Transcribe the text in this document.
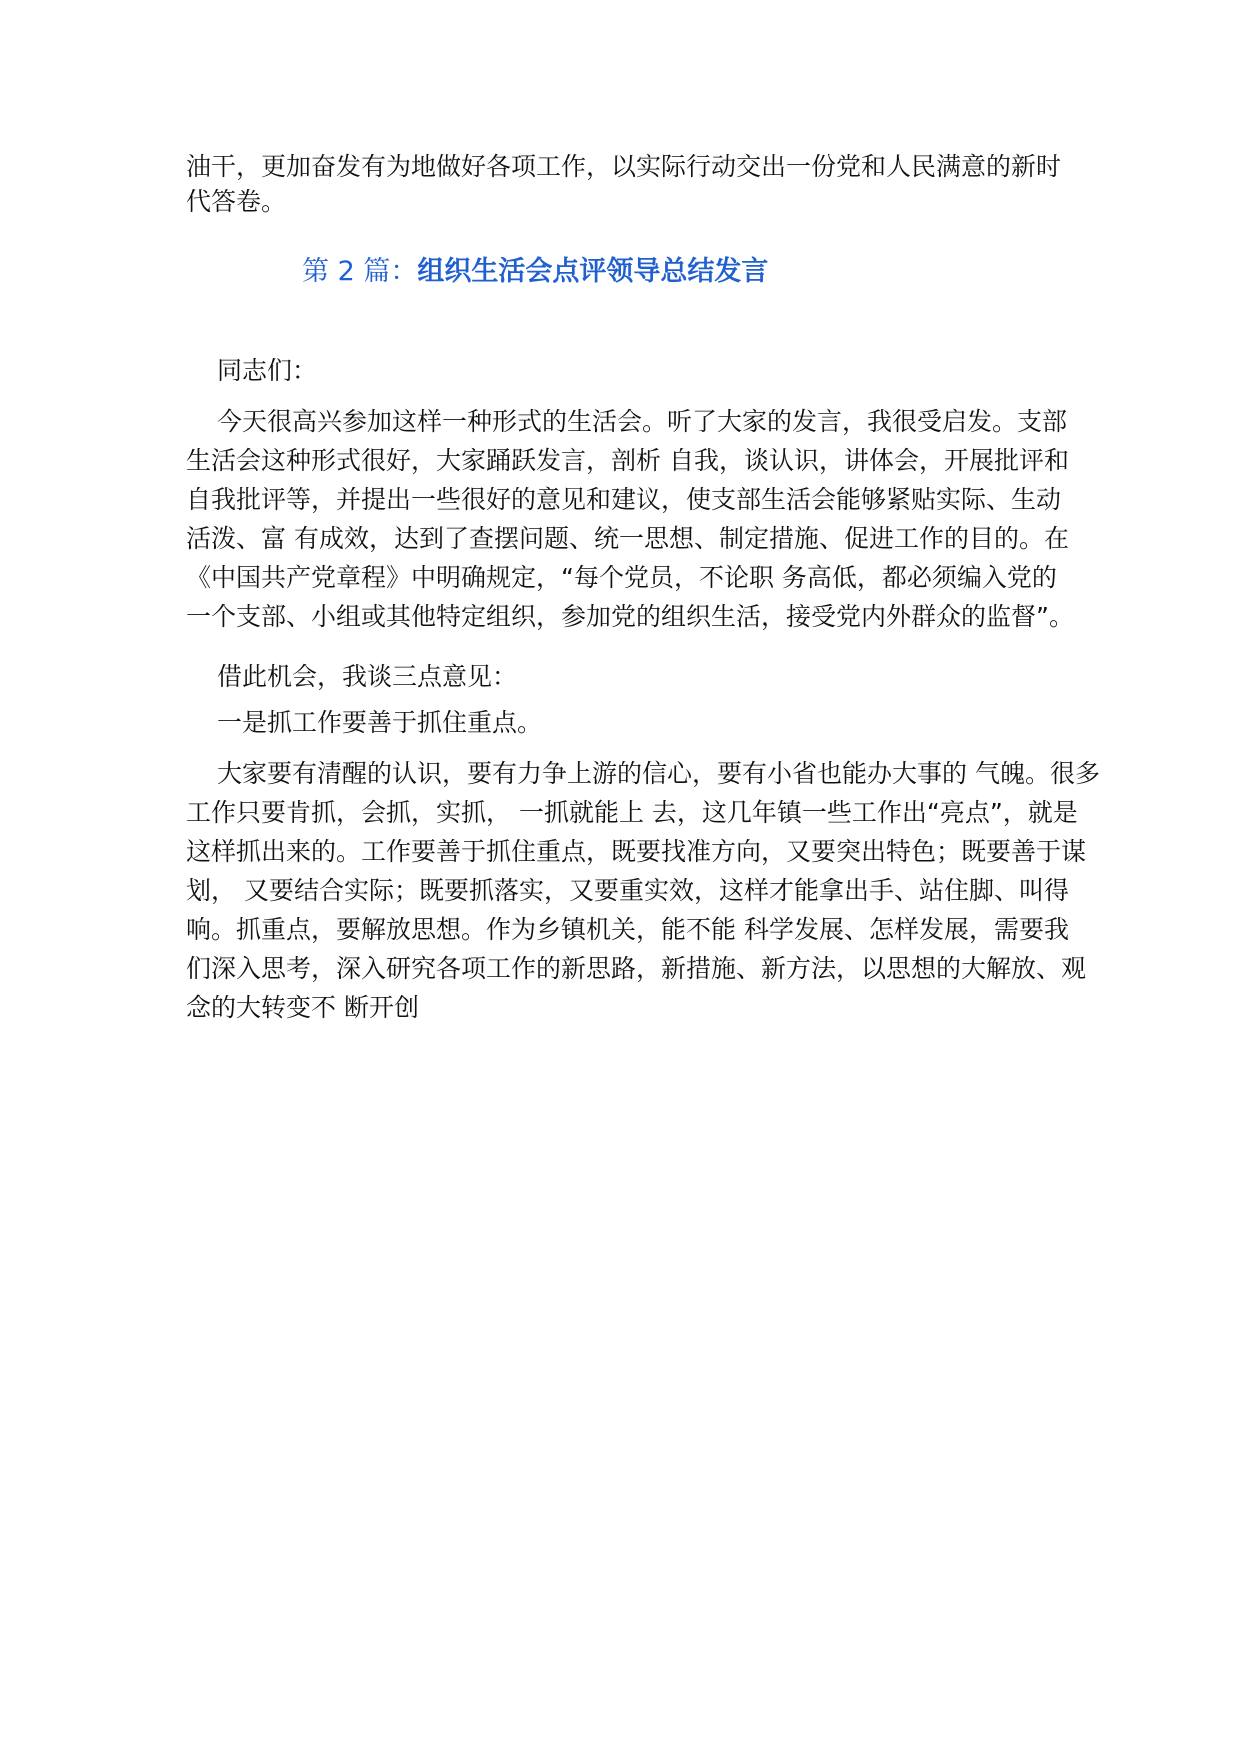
油干，更加奋发有为地做好各项工作，以实际行动交出一份党和人民满意的新时
代答卷。
第 2 篇：组织生活会点评领导总结发言
同志们：
今天很高兴参加这样一种形式的生活会。听了大家的发言，我很受启发。支部
生活会这种形式很好，大家踊跃发言，剖析 自我，谈认识，讲体会，开展批评和
自我批评等，并提出一些很好的意见和建议，使支部生活会能够紧贴实际、生动
活泼、富 有成效，达到了查摆问题、统一思想、制定措施、促进工作的目的。在
《中国共产党章程》中明确规定，“每个党员，不论职 务高低，都必须编入党的
一个支部、小组或其他特定组织，参加党的组织生活，接受党内外群众的监督”。
借此机会，我谈三点意见：
一是抓工作要善于抓住重点。
大家要有清醒的认识，要有力争上游的信心，要有小省也能办大事的 气魄。很多
工作只要肯抓，会抓，实抓， 一抓就能上 去，这几年镇一些工作出“亮点”，就是
这样抓出来的。工作要善于抓住重点，既要找准方向，又要突出特色；既要善于谋
划， 又要结合实际；既要抓落实，又要重实效，这样才能拿出手、站住脚、叫得
响。抓重点，要解放思想。作为乡镇机关，能不能 科学发展、怎样发展，需要我
们深入思考，深入研究各项工作的新思路，新措施、新方法，以思想的大解放、观
念的大转变不 断开创
